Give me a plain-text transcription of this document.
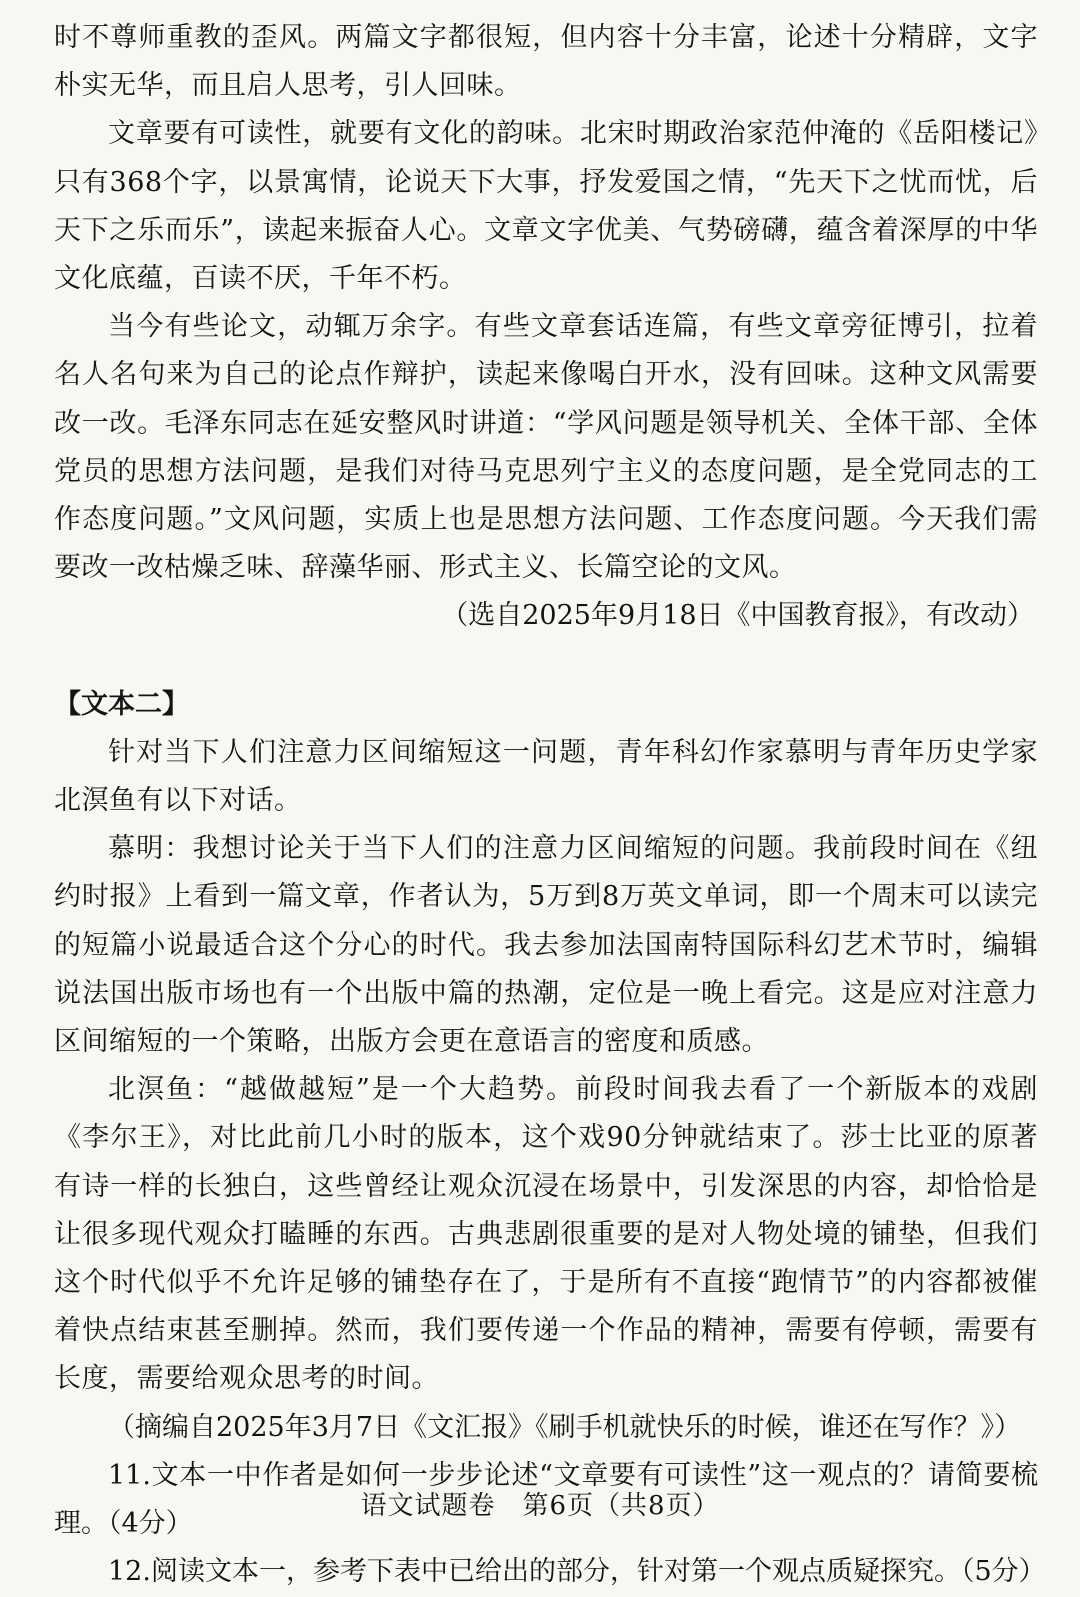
时不尊师重教的歪风。两篇文字都很短，但内容十分丰富，论述十分精辟，文字朴实无华，而且启人思考，引人回味。

文章要有可读性，就要有文化的韵味。北宋时期政治家范仲淹的《岳阳楼记》只有368个字，以景寓情，论说天下大事，抒发爱国之情，“先天下之忧而忧，后天下之乐而乐”，读起来振奋人心。文章文字优美、气势磅礴，蕴含着深厚的中华文化底蕴，百读不厌，千年不朽。

当今有些论文，动辄万余字。有些文章套话连篇，有些文章旁征博引，拉着名人名句来为自己的论点作辩护，读起来像喝白开水，没有回味。这种文风需要改一改。毛泽东同志在延安整风时讲道：“学风问题是领导机关、全体干部、全体党员的思想方法问题，是我们对待马克思列宁主义的态度问题，是全党同志的工作态度问题。”文风问题，实质上也是思想方法问题、工作态度问题。今天我们需要改一改枯燥乏味、辞藻华丽、形式主义、长篇空论的文风。

（选自2025年9月18日《中国教育报》，有改动）

【文本二】

针对当下人们注意力区间缩短这一问题，青年科幻作家慕明与青年历史学家北溟鱼有以下对话。

慕明：我想讨论关于当下人们的注意力区间缩短的问题。我前段时间在《纽约时报》上看到一篇文章，作者认为，5万到8万英文单词，即一个周末可以读完的短篇小说最适合这个分心的时代。我去参加法国南特国际科幻艺术节时，编辑说法国出版市场也有一个出版中篇的热潮，定位是一晚上看完。这是应对注意力区间缩短的一个策略，出版方会更在意语言的密度和质感。

北溟鱼：“越做越短”是一个大趋势。前段时间我去看了一个新版本的戏剧《李尔王》，对比此前几小时的版本，这个戏90分钟就结束了。莎士比亚的原著有诗一样的长独白，这些曾经让观众沉浸在场景中，引发深思的内容，却恰恰是让很多现代观众打瞌睡的东西。古典悲剧很重要的是对人物处境的铺垫，但我们这个时代似乎不允许足够的铺垫存在了，于是所有不直接“跑情节”的内容都被催着快点结束甚至删掉。然而，我们要传递一个作品的精神，需要有停顿，需要有长度，需要给观众思考的时间。

（摘编自2025年3月7日《文汇报》《刷手机就快乐的时候，谁还在写作？》）

11.文本一中作者是如何一步步论述“文章要有可读性”这一观点的？请简要梳理。（4分）

12.阅读文本一，参考下表中已给出的部分，针对第一个观点质疑探究。（5分）

语文试题卷　第6页（共8页）
